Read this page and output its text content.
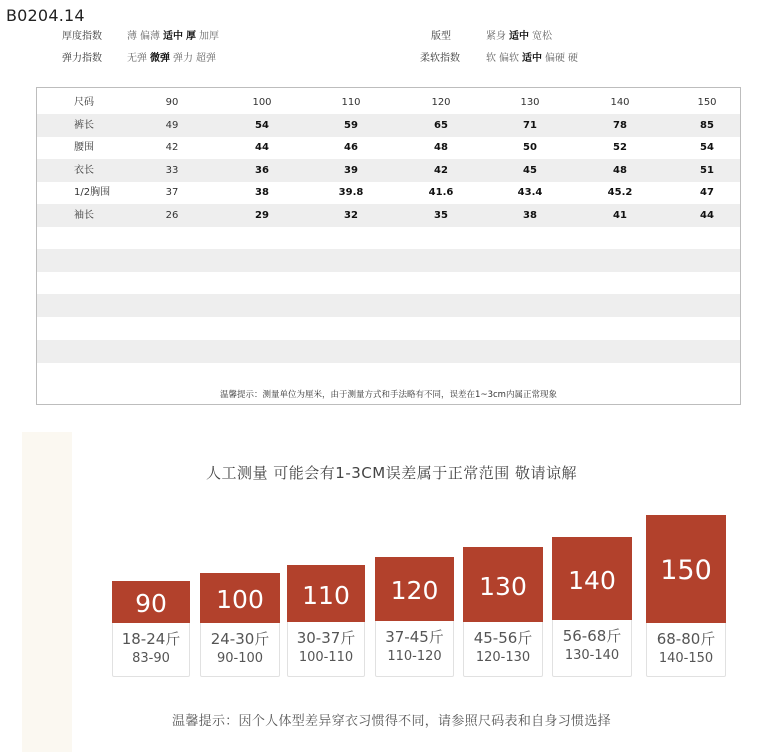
B0204.14
厚度指数	薄 偏薄 适中 厚 加厚
弹力指数	无弹 微弹 弹力 超弹
版型	紧身 适中 宽松
柔软指数	软 偏软 适中 偏硬 硬
尺码	90	100	110	120	130	140	150
裤长	49	54	59	65	71	78	85
腰围	42	44	46	48	50	52	54
衣长	33	36	39	42	45	48	51
1/2胸围	37	38	39.8	41.6	43.4	45.2	47
袖长	26	29	32	35	38	41	44
温馨提示：测量单位为厘米，由于测量方式和手法略有不同，误差在1~3cm内属正常现象
人工测量 可能会有1-3CM误差属于正常范围 敬请谅解
90
18-24斤
83-90
100
24-30斤
90-100
110
30-37斤
100-110
120
37-45斤
110-120
130
45-56斤
120-130
140
56-68斤
130-140
150
68-80斤
140-150
温馨提示：因个人体型差异穿衣习惯得不同，请参照尺码表和自身习惯选择
